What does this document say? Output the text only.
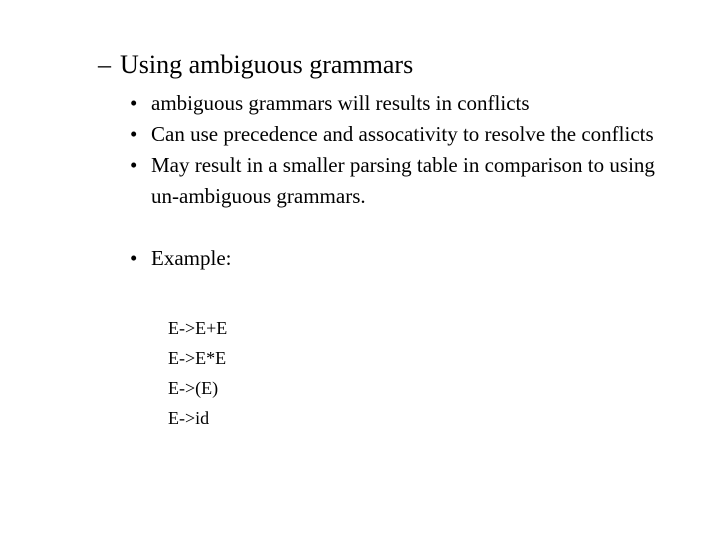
– Using ambiguous grammars
• ambiguous grammars will results in conflicts
• Can use precedence and assocativity to resolve the conflicts
• May result in a smaller parsing table in comparison to using un-ambiguous grammars.
• Example:
E->E+E
E->E*E
E->(E)
E->id
